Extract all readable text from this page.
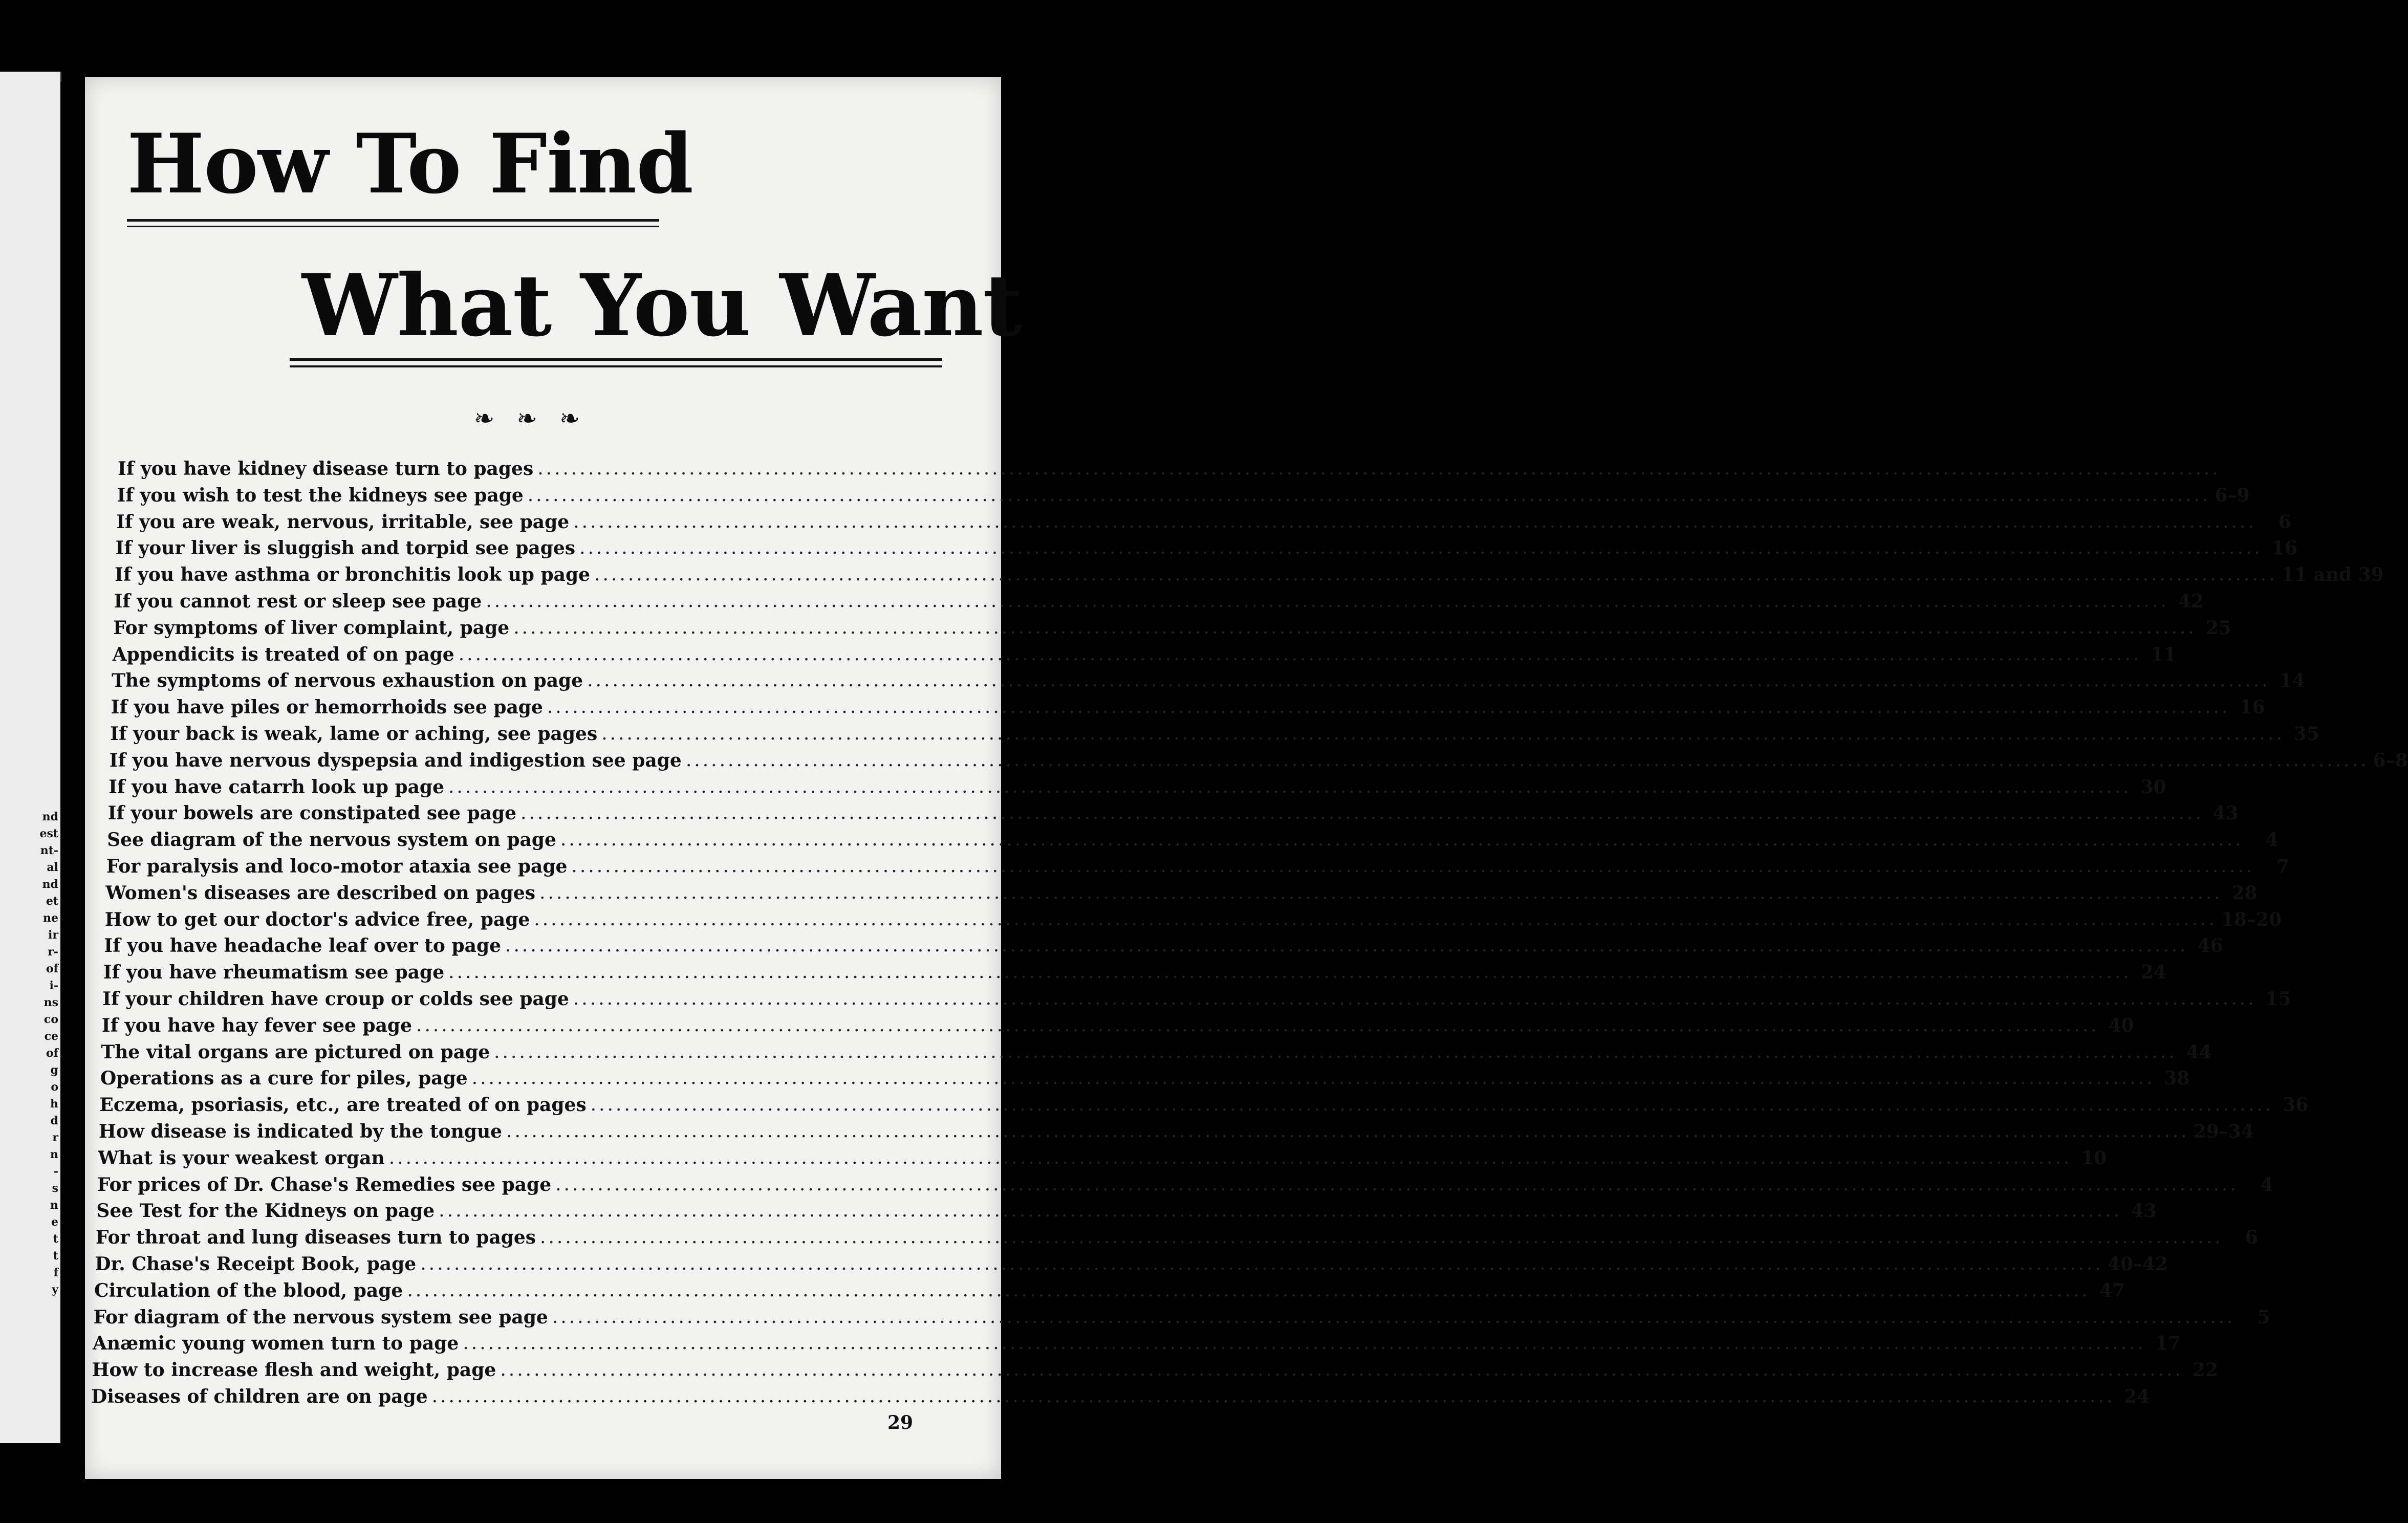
nd
est
nt-
al
nd
et
ne
ir
r-
of
i-
ns
co
ce
of
g
o
h
d
r
n
-
s
n
e
t
t
f
y
How To Find
What You Want
❧ ❧ ❧
If you have kidney disease turn to pages ........................................................................................................................................................................................................
If you wish to test the kidneys see page ........................................................................................................................................................................................................ 6–9
If you are weak, nervous, irritable, see page ........................................................................................................................................................................................................	6
If your liver is sluggish and torpid see pages ........................................................................................................................................................................................................ 16
If you have asthma or bronchitis look up page ........................................................................................................................................................................................................ 11 and 39
If you cannot rest or sleep see page ........................................................................................................................................................................................................ 42
For symptoms of liver complaint, page ........................................................................................................................................................................................................ 25
Appendicits is treated of on page ........................................................................................................................................................................................................ 11
The symptoms of nervous exhaustion on page ........................................................................................................................................................................................................ 14
If you have piles or hemorrhoids see page ........................................................................................................................................................................................................ 16
If your back is weak, lame or aching, see pages ........................................................................................................................................................................................................ 35
If you have nervous dyspepsia and indigestion see page ........................................................................................................................................................................................................ 6–8
If you have catarrh look up page ........................................................................................................................................................................................................ 30
If your bowels are constipated see page ........................................................................................................................................................................................................ 43
See diagram of the nervous system on page ........................................................................................................................................................................................................	4
For paralysis and loco-motor ataxia see page ........................................................................................................................................................................................................	7
Women's diseases are described on pages ........................................................................................................................................................................................................ 28
How to get our doctor's advice free, page ........................................................................................................................................................................................................ 18–20
If you have headache leaf over to page ........................................................................................................................................................................................................ 46
If you have rheumatism see page ........................................................................................................................................................................................................ 24
If your children have croup or colds see page ........................................................................................................................................................................................................ 15
If you have hay fever see page ........................................................................................................................................................................................................ 40
The vital organs are pictured on page ........................................................................................................................................................................................................ 44
Operations as a cure for piles, page ........................................................................................................................................................................................................ 38
Eczema, psoriasis, etc., are treated of on pages ........................................................................................................................................................................................................ 36
How disease is indicated by the tongue ........................................................................................................................................................................................................ 29–34
What is your weakest organ ........................................................................................................................................................................................................ 10
For prices of Dr. Chase's Remedies see page ........................................................................................................................................................................................................	4
See Test for the Kidneys on page ........................................................................................................................................................................................................ 43
For throat and lung diseases turn to pages ........................................................................................................................................................................................................	6
Dr. Chase's Receipt Book, page ........................................................................................................................................................................................................ 40–42
Circulation of the blood, page ........................................................................................................................................................................................................ 47
For diagram of the nervous system see page ........................................................................................................................................................................................................	5
Anæmic young women turn to page ........................................................................................................................................................................................................ 17
How to increase flesh and weight, page ........................................................................................................................................................................................................ 22
Diseases of children are on page ........................................................................................................................................................................................................ 24
29
